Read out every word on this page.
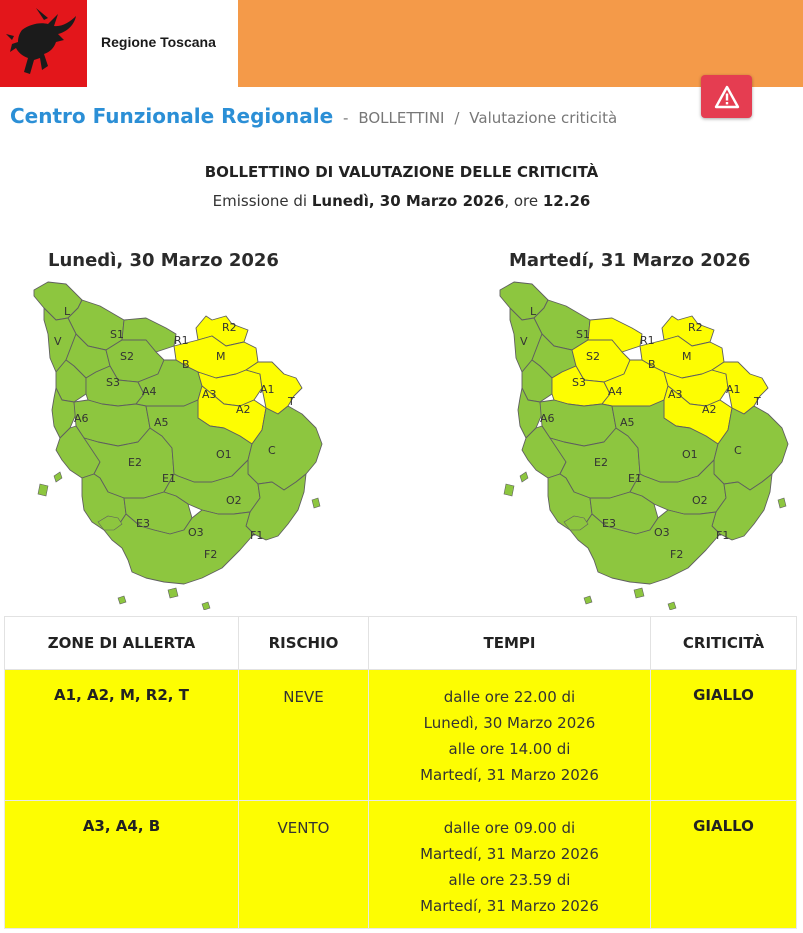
Regione Toscana
Centro Funzionale Regionale - BOLLETTINI / Valutazione criticità
BOLLETTINO DI VALUTAZIONE DELLE CRITICITÀ
Emissione di Lunedì, 30 Marzo 2026, ore 12.26
Lunedì, 30 Marzo 2026	Martedí, 31 Marzo 2026
L
S1	R1
R2
V
S2
B
M
S3
A4	A3	A1
T
A6	A5
A2
E2
E1
O1	C
E3
O2
O3	F1
F2
L
S1	R1
R2
V
S2
B
M
S3
A4	A3	A1
T
A6	A5
A2
E2
E1
O1	C
E3
O2
O3	F1
F2
ZONE DI ALLERTA	RISCHIO	TEMPI	CRITICITÀ
A1, A2, M, R2, T	NEVE	dalle ore 22.00 di
Lunedì, 30 Marzo 2026
alle ore 14.00 di
Martedí, 31 Marzo 2026	GIALLO
A3, A4, B	VENTO	dalle ore 09.00 di
Martedí, 31 Marzo 2026
alle ore 23.59 di
Martedí, 31 Marzo 2026	GIALLO
